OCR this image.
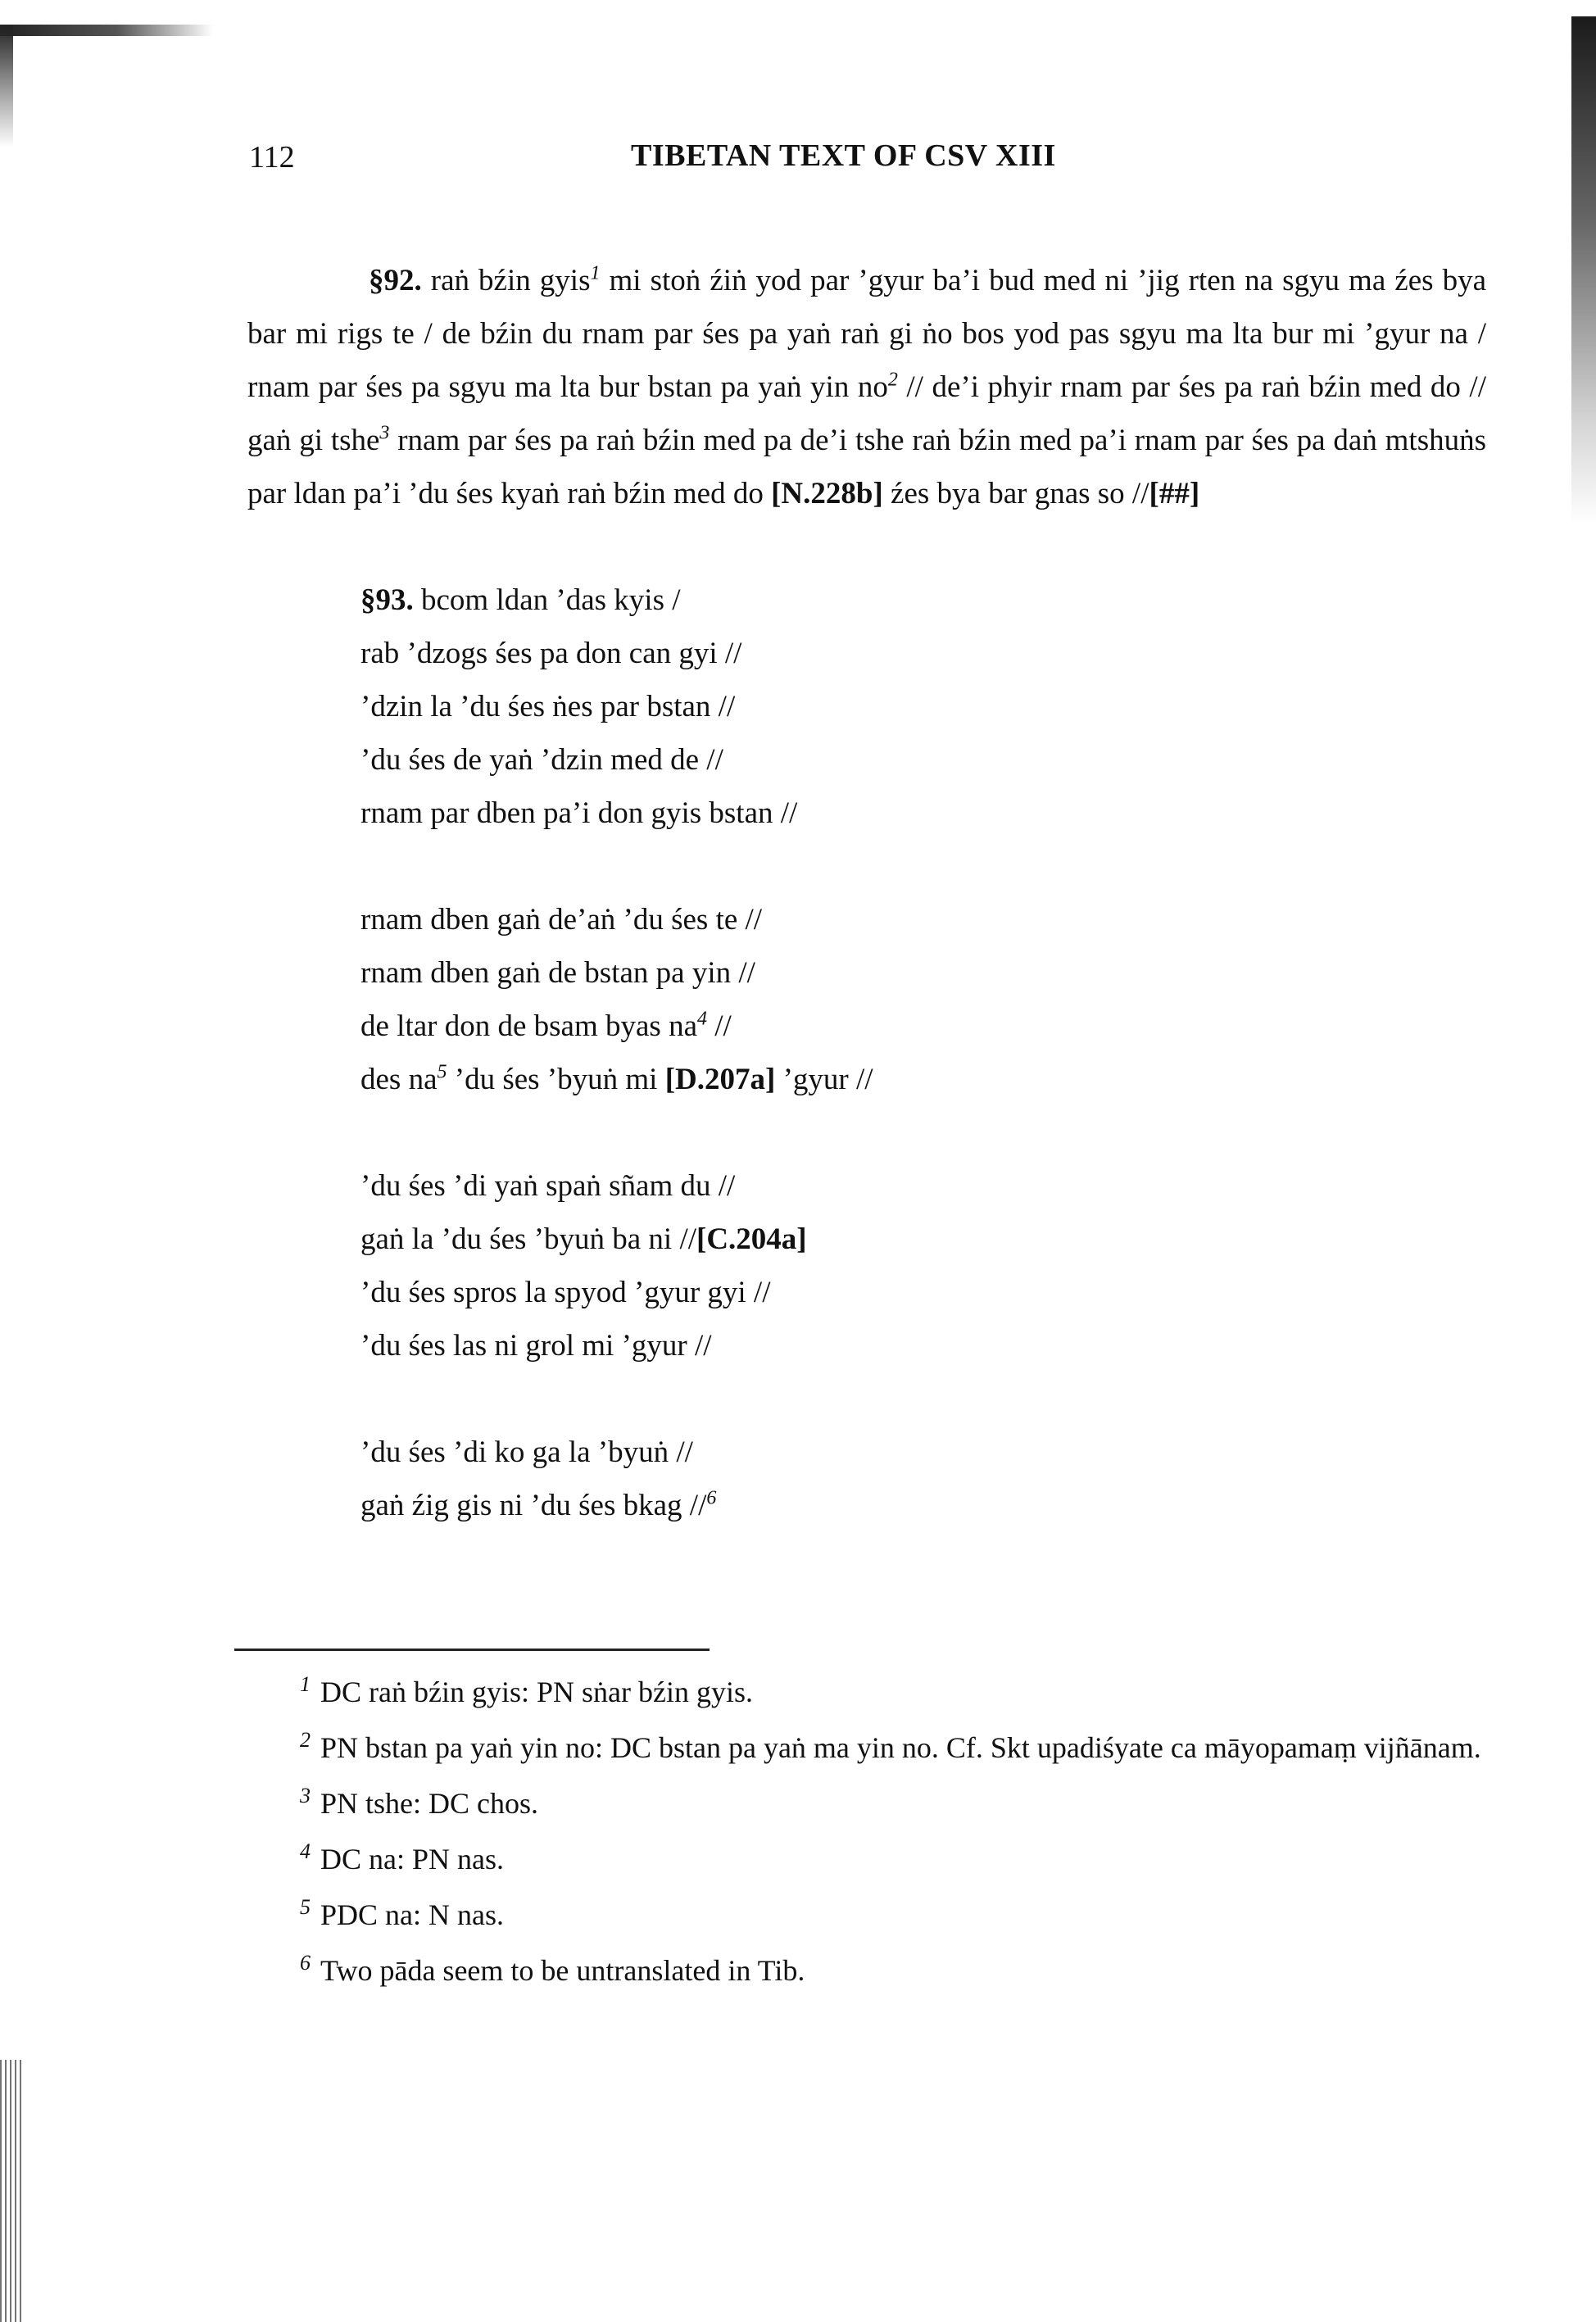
112	TIBETAN TEXT OF CSV XIII

§92. raṅ bźin gyis$^1$ mi stoṅ źiṅ yod par ’gyur ba’i bud med ni ’jig rten na sgyu ma źes bya bar mi rigs te / de bźin du rnam par śes pa yaṅ raṅ gi ṅo bos yod pas sgyu ma lta bur mi ’gyur na / rnam par śes pa sgyu ma lta bur bstan pa yaṅ yin $no^2$ // de’i phyir rnam par śes pa raṅ bźin med do // gaṅ gi tshe$^3$ rnam par śes pa raṅ bźin med pa de’i tshe raṅ bźin med pa’i rnam par śes pa daṅ mtshuṅs par ldan pa’i ’du śes kyaṅ raṅ bźin med do [N.228b] źes bya bar gnas so //[##]

§93. bcom ldan ’das kyis /
rab ’dzogs śes pa don can gyi //
’dzin la ’du śes ṅes par bstan //
’du śes de yaṅ ’dzin med de //
rnam par dben pa’i don gyis bstan //
rnam dben gaṅ de’aṅ ’du śes te //
rnam dben gaṅ de bstan pa yin //
de ltar don de bsam byas $na^4$ //
des $na^5$ ’du śes ’byuṅ mi [D.207a] ’gyur //
’du śes ’di yaṅ spaṅ sñam du //
gaṅ la ’du śes ’byuṅ ba ni //[C.204a]
’du śes spros la spyod ’gyur gyi //
’du śes las ni grol mi ’gyur //
’du śes ’di ko ga la ’byuṅ //
gaṅ źig gis ni ’du śes bkag //$^6$
$^1$ DC raṅ bźin gyis: PN sṅar bźin gyis.
$^2$ PN bstan pa yaṅ yin no: DC bstan pa yaṅ ma yin no. Cf. Skt upadiśyate ca māyopamaṃ vijñānam.
$^3$ PN tshe: DC chos.
$^4$ DC na: PN nas.
$^5$ PDC na: N nas.
$^6$ Two pāda seem to be untranslated in Tib.
